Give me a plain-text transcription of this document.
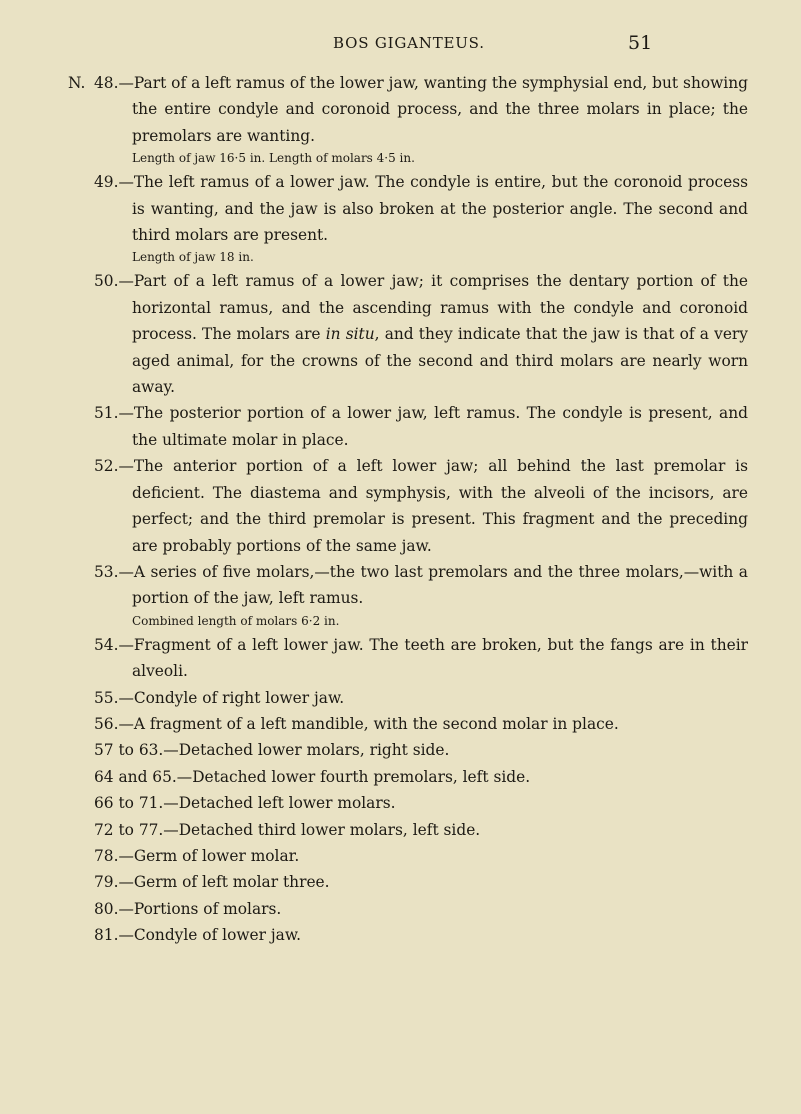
BOS GIGANTEUS.	51

N. 48.—Part of a left ramus of the lower jaw, wanting the symphysial end, but showing the entire condyle and coronoid process, and the three molars in place; the premolars are wanting.

Length of jaw 16·5 in. Length of molars 4·5 in.

49.—The left ramus of a lower jaw. The condyle is entire, but the coronoid process is wanting, and the jaw is also broken at the posterior angle. The second and third molars are present.

Length of jaw 18 in.

50.—Part of a left ramus of a lower jaw; it comprises the dentary portion of the horizontal ramus, and the ascending ramus with the condyle and coronoid process. The molars are in situ, and they indicate that the jaw is that of a very aged animal, for the crowns of the second and third molars are nearly worn away.

51.—The posterior portion of a lower jaw, left ramus. The condyle is present, and the ultimate molar in place.

52.—The anterior portion of a left lower jaw; all behind the last premolar is deficient. The diastema and symphysis, with the alveoli of the incisors, are perfect; and the third premolar is present. This fragment and the preceding are probably portions of the same jaw.

53.—A series of five molars,—the two last premolars and the three molars,—with a portion of the jaw, left ramus.

Combined length of molars 6·2 in.

54.—Fragment of a left lower jaw. The teeth are broken, but the fangs are in their alveoli.

55.—Condyle of right lower jaw.

56.—A fragment of a left mandible, with the second molar in place.

57 to 63.—Detached lower molars, right side.

64 and 65.—Detached lower fourth premolars, left side.

66 to 71.—Detached left lower molars.

72 to 77.—Detached third lower molars, left side.

78.—Germ of lower molar.

79.—Germ of left molar three.

80.—Portions of molars.

81.—Condyle of lower jaw.
